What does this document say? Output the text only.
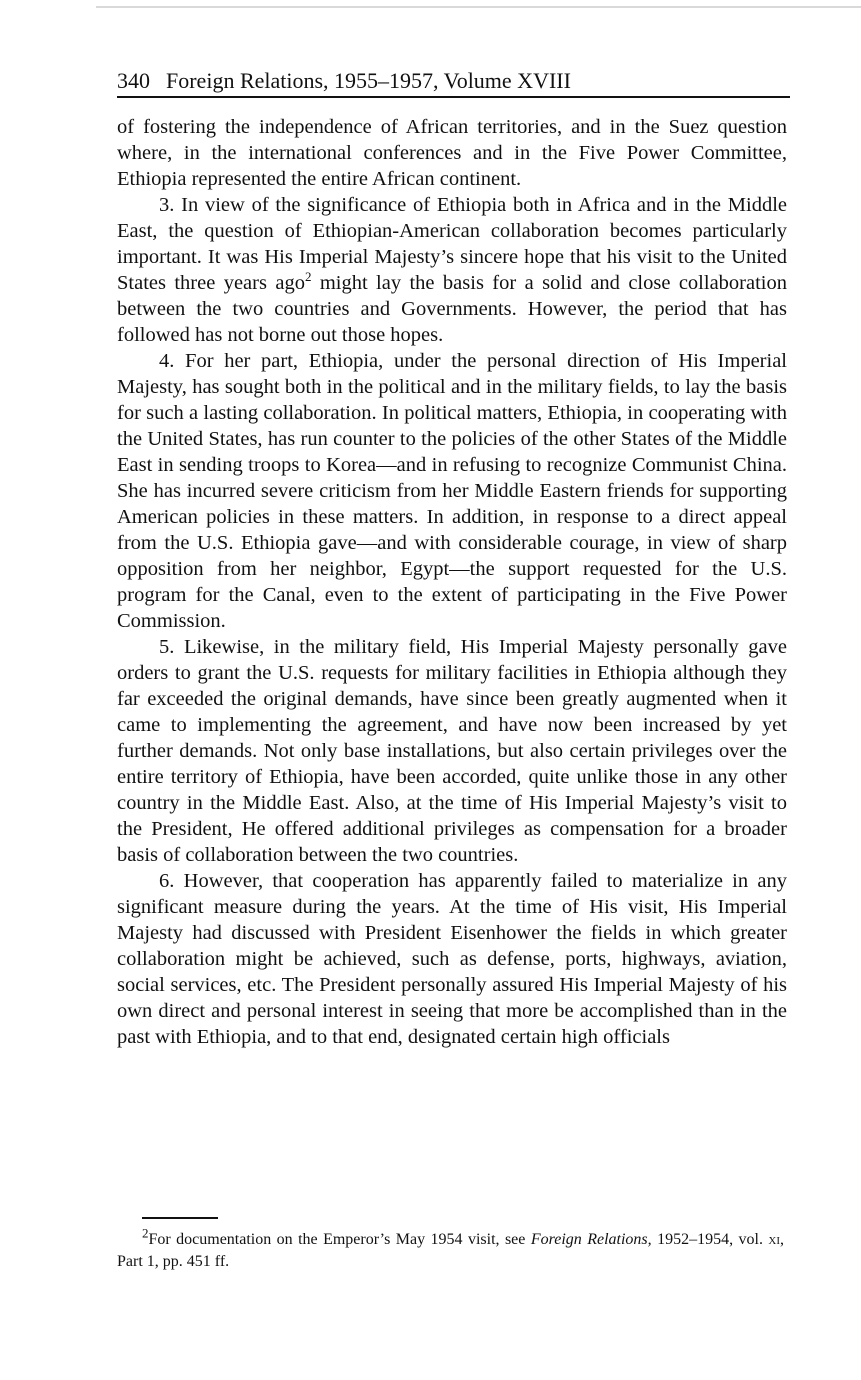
340 Foreign Relations, 1955–1957, Volume XVIII

of fostering the independence of African territories, and in the Suez question where, in the international conferences and in the Five Power Committee, Ethiopia represented the entire African continent.

3. In view of the significance of Ethiopia both in Africa and in the Middle East, the question of Ethiopian-American collaboration becomes particularly important. It was His Imperial Majesty’s sincere hope that his visit to the United States three years ago$^2$ might lay the basis for a solid and close collaboration between the two countries and Governments. However, the period that has followed has not borne out those hopes.

4. For her part, Ethiopia, under the personal direction of His Imperial Majesty, has sought both in the political and in the military fields, to lay the basis for such a lasting collaboration. In political matters, Ethiopia, in cooperating with the United States, has run counter to the policies of the other States of the Middle East in sending troops to Korea—and in refusing to recognize Communist China. She has incurred severe criticism from her Middle Eastern friends for supporting American policies in these matters. In addition, in response to a direct appeal from the U.S. Ethiopia gave—and with considerable courage, in view of sharp opposition from her neighbor, Egypt—the support requested for the U.S. program for the Canal, even to the extent of participating in the Five Power Commission.

5. Likewise, in the military field, His Imperial Majesty personally gave orders to grant the U.S. requests for military facilities in Ethiopia although they far exceeded the original demands, have since been greatly augmented when it came to implementing the agreement, and have now been increased by yet further demands. Not only base installations, but also certain privileges over the entire territory of Ethiopia, have been accorded, quite unlike those in any other country in the Middle East. Also, at the time of His Imperial Majesty’s visit to the President, He offered additional privileges as compensation for a broader basis of collaboration between the two countries.

6. However, that cooperation has apparently failed to materialize in any significant measure during the years. At the time of His visit, His Imperial Majesty had discussed with President Eisenhower the fields in which greater collaboration might be achieved, such as defense, ports, highways, aviation, social services, etc. The President personally assured His Imperial Majesty of his own direct and personal interest in seeing that more be accomplished than in the past with Ethiopia, and to that end, designated certain high officials

$^2$For documentation on the Emperor’s May 1954 visit, see Foreign Relations, 1952–1954, vol. xi, Part 1, pp. 451 ff.
